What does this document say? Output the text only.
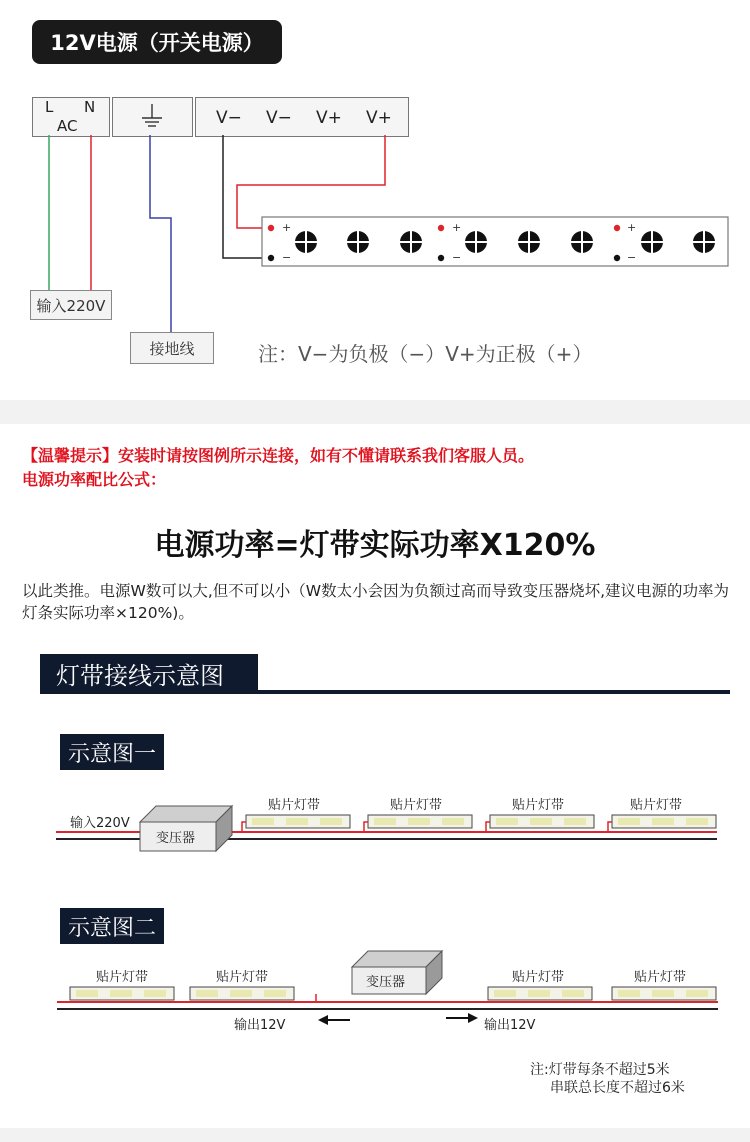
12V电源（开关电源）
L N
AC	V− V− V+ V+
+
−
+
−
+
−
输入220V
接地线	注：V−为负极（−）V+为正极（+）
【温馨提示】安装时请按图例所示连接，如有不懂请联系我们客服人员。
电源功率配比公式：
电源功率=灯带实际功率X120%
以此类推。电源W数可以大,但不可以小（W数太小会因为负额过高而导致变压器烧坏,建议电源的功率为灯条实际功率×120%)。
灯带接线示意图
示意图一
输入220V
变压器
贴片灯带	贴片灯带	贴片灯带	贴片灯带
示意图二
变压器
贴片灯带	贴片灯带	贴片灯带	贴片灯带
输出12V	输出12V
注:灯带每条不超过5米
串联总长度不超过6米
